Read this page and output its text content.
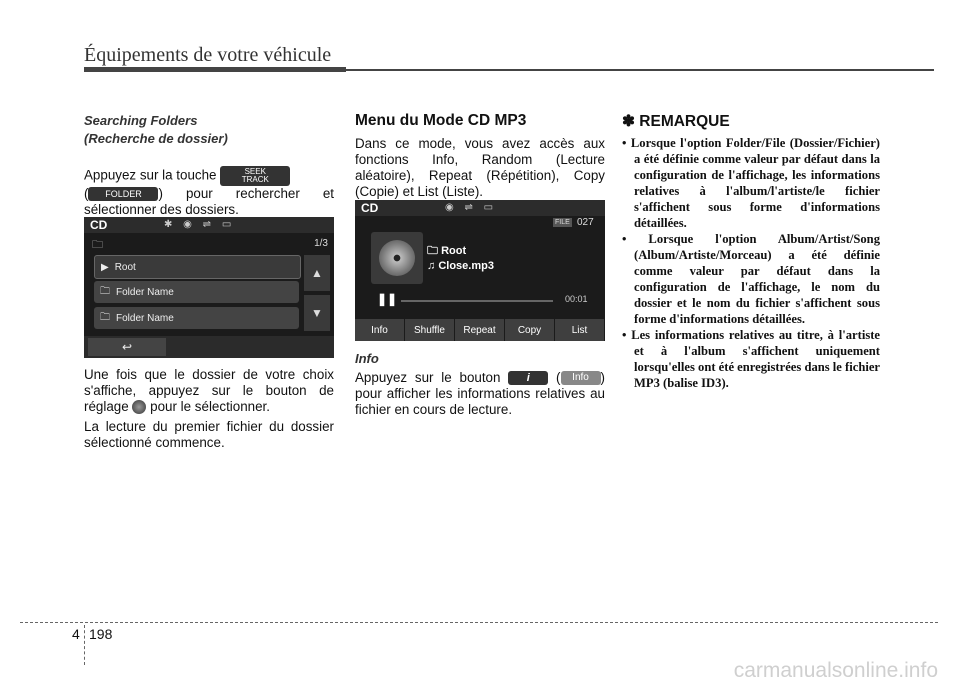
Équipements de votre véhicule
Searching Folders
(Recherche de dossier)

Appuyez sur la touche	SEEK
TRACK

( FOLDER ) pour rechercher et sélectionner des dossiers.

CD	✱ ◉ ⇌ ▭
🗀	1/3
▶ Root
🗀 Folder Name
🗀 Folder Name
▲
▼
↩

Une fois que le dossier de votre choix s'affiche, appuyez sur le bouton de réglage pour le sélectionner.

La lecture du premier fichier du dossier sélectionné commence.

Menu du Mode CD MP3

Dans ce mode, vous avez accès aux fonctions Info, Random (Lecture aléatoire), Repeat (Répétition), Copy (Copie) et List (Liste).

CD	◉ ⇌ ▭
FILE 027
🗀 Root
♫ Close.mp3
❚❚	00:01
Info	Shuffle	Repeat	Copy	List
Info

Appuyez sur le bouton i ( Info ) pour afficher les informations relatives au fichier en cours de lecture.

✽ REMARQUE
• Lorsque l'option Folder/File (Dossier/Fichier) a été définie comme valeur par défaut dans la configuration de l'affichage, les informations relatives à l'album/l'artiste/le fichier s'affichent sous forme d'informations détaillées.
• Lorsque l'option Album/Artist/Song (Album/Artiste/Morceau) a été définie comme valeur par défaut dans la configuration de l'affichage, le nom du dossier et le nom du fichier s'affichent sous forme d'informations détaillées.
• Les informations relatives au titre, à l'artiste et à l'album s'affichent uniquement lorsqu'elles ont été enregistrées dans le fichier MP3 (balise ID3).
4 198
carmanualsonline.info
